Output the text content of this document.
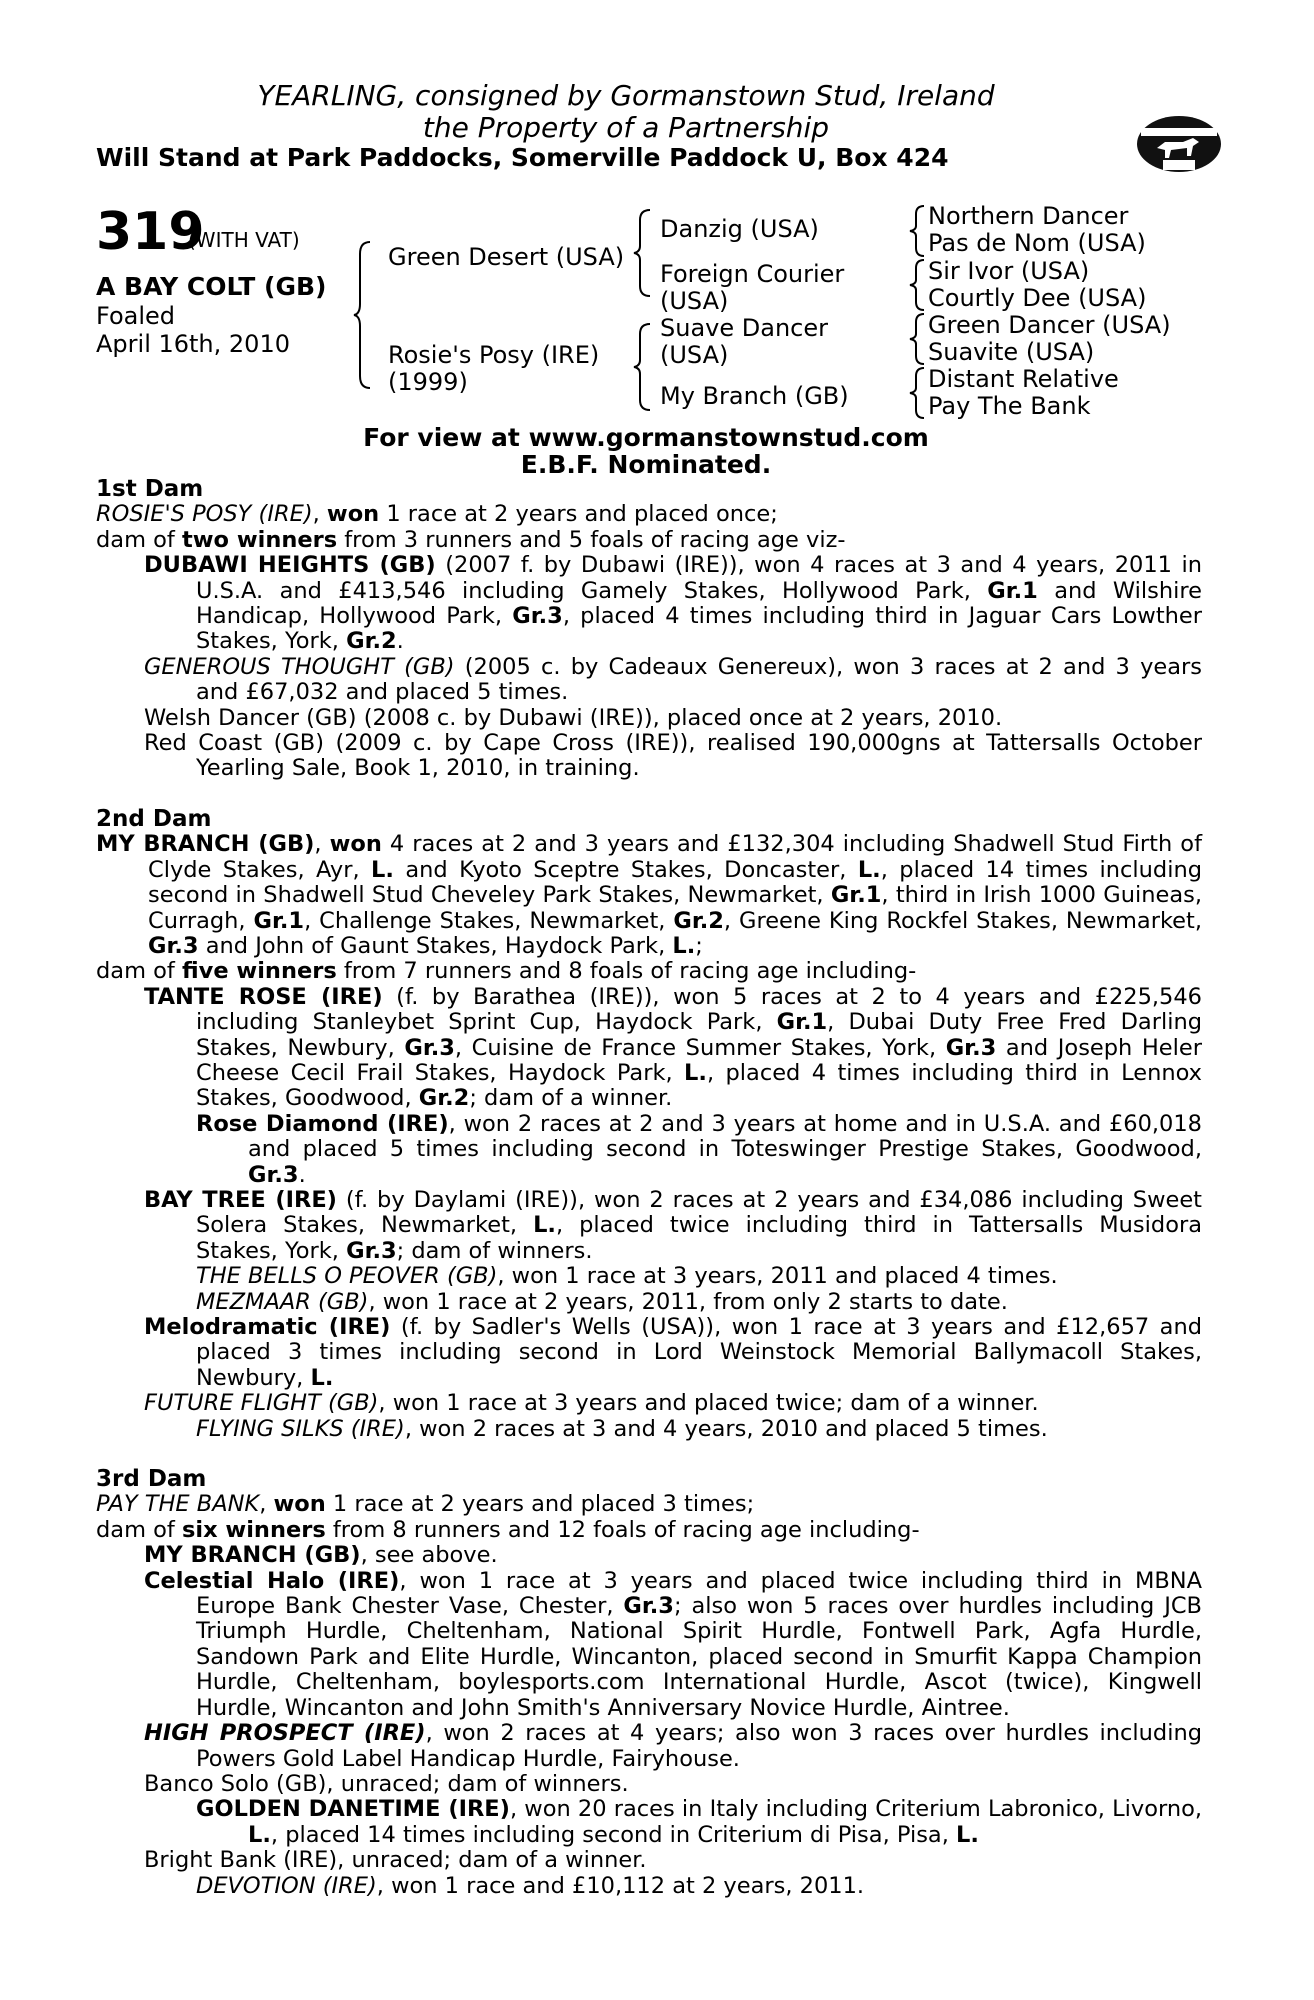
YEARLING, consigned by Gormanstown Stud, Ireland
the Property of a Partnership
Will Stand at Park Paddocks, Somerville Paddock U, Box 424
319
(WITH VAT)
A BAY COLT (GB)
Foaled
April 16th, 2010
Green Desert (USA)
Rosie's Posy (IRE)
(1999)
Danzig (USA)
Foreign Courier
(USA)
Suave Dancer
(USA)
My Branch (GB)
Northern Dancer
Pas de Nom (USA)
Sir Ivor (USA)
Courtly Dee (USA)
Green Dancer (USA)
Suavite (USA)
Distant Relative
Pay The Bank
For view at www.gormanstownstud.com
E.B.F. Nominated.

1st Dam

ROSIE'S POSY (IRE), won 1 race at 2 years and placed once;

dam of two winners from 3 runners and 5 foals of racing age viz-

DUBAWI HEIGHTS (GB) (2007 f. by Dubawi (IRE)), won 4 races at 3 and 4 years, 2011 in U.S.A. and £413,546 including Gamely Stakes, Hollywood Park, Gr.1 and Wilshire Handicap, Hollywood Park, Gr.3, placed 4 times including third in Jaguar Cars Lowther Stakes, York, Gr.2.

GENEROUS THOUGHT (GB) (2005 c. by Cadeaux Genereux), won 3 races at 2 and 3 years and £67,032 and placed 5 times.

Welsh Dancer (GB) (2008 c. by Dubawi (IRE)), placed once at 2 years, 2010.

Red Coast (GB) (2009 c. by Cape Cross (IRE)), realised 190,000gns at Tattersalls October Yearling Sale, Book 1, 2010, in training.

2nd Dam

MY BRANCH (GB), won 4 races at 2 and 3 years and £132,304 including Shadwell Stud Firth of Clyde Stakes, Ayr, L. and Kyoto Sceptre Stakes, Doncaster, L., placed 14 times including second in Shadwell Stud Cheveley Park Stakes, Newmarket, Gr.1, third in Irish 1000 Guineas, Curragh, Gr.1, Challenge Stakes, Newmarket, Gr.2, Greene King Rockfel Stakes, Newmarket, Gr.3 and John of Gaunt Stakes, Haydock Park, L.;

dam of five winners from 7 runners and 8 foals of racing age including-

TANTE ROSE (IRE) (f. by Barathea (IRE)), won 5 races at 2 to 4 years and £225,546 including Stanleybet Sprint Cup, Haydock Park, Gr.1, Dubai Duty Free Fred Darling Stakes, Newbury, Gr.3, Cuisine de France Summer Stakes, York, Gr.3 and Joseph Heler Cheese Cecil Frail Stakes, Haydock Park, L., placed 4 times including third in Lennox Stakes, Goodwood, Gr.2; dam of a winner.

Rose Diamond (IRE), won 2 races at 2 and 3 years at home and in U.S.A. and £60,018 and placed 5 times including second in Toteswinger Prestige Stakes, Goodwood, Gr.3.

BAY TREE (IRE) (f. by Daylami (IRE)), won 2 races at 2 years and £34,086 including Sweet Solera Stakes, Newmarket, L., placed twice including third in Tattersalls Musidora Stakes, York, Gr.3; dam of winners.

THE BELLS O PEOVER (GB), won 1 race at 3 years, 2011 and placed 4 times.

MEZMAAR (GB), won 1 race at 2 years, 2011, from only 2 starts to date.

Melodramatic (IRE) (f. by Sadler's Wells (USA)), won 1 race at 3 years and £12,657 and placed 3 times including second in Lord Weinstock Memorial Ballymacoll Stakes, Newbury, L.

FUTURE FLIGHT (GB), won 1 race at 3 years and placed twice; dam of a winner.

FLYING SILKS (IRE), won 2 races at 3 and 4 years, 2010 and placed 5 times.

3rd Dam

PAY THE BANK, won 1 race at 2 years and placed 3 times;

dam of six winners from 8 runners and 12 foals of racing age including-

MY BRANCH (GB), see above.

Celestial Halo (IRE), won 1 race at 3 years and placed twice including third in MBNA Europe Bank Chester Vase, Chester, Gr.3; also won 5 races over hurdles including JCB Triumph Hurdle, Cheltenham, National Spirit Hurdle, Fontwell Park, Agfa Hurdle, Sandown Park and Elite Hurdle, Wincanton, placed second in Smurfit Kappa Champion Hurdle, Cheltenham, boylesports.com International Hurdle, Ascot (twice), Kingwell Hurdle, Wincanton and John Smith's Anniversary Novice Hurdle, Aintree.

HIGH PROSPECT (IRE), won 2 races at 4 years; also won 3 races over hurdles including Powers Gold Label Handicap Hurdle, Fairyhouse.

Banco Solo (GB), unraced; dam of winners.

GOLDEN DANETIME (IRE), won 20 races in Italy including Criterium Labronico, Livorno, L., placed 14 times including second in Criterium di Pisa, Pisa, L.

Bright Bank (IRE), unraced; dam of a winner.

DEVOTION (IRE), won 1 race and £10,112 at 2 years, 2011.
